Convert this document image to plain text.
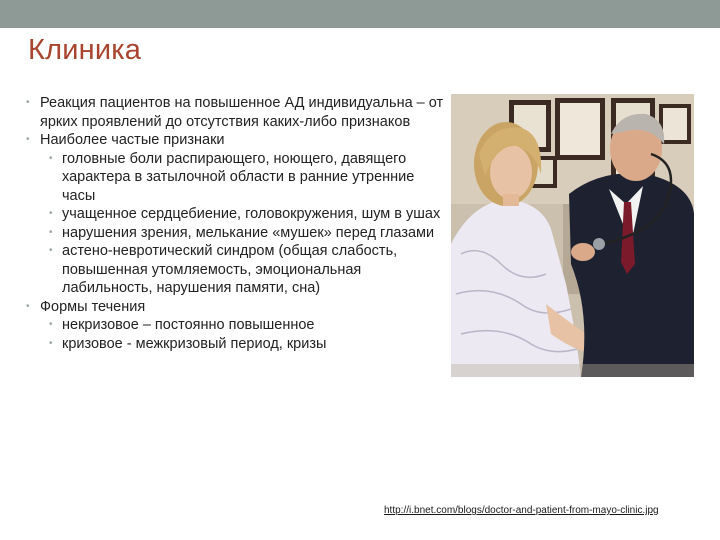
Клиника
• Реакция пациентов на повышенное АД индивидуальна – от ярких проявлений до отсутствия каких-либо признаков
• Наиболее частые признаки
• головные боли распирающего, ноющего, давящего характера в затылочной области в ранние утренние часы
• учащенное сердцебиение, головокружения, шум в ушах
• нарушения зрения, мелькание «мушек» перед глазами
• астено-невротический синдром (общая слабость, повышенная утомляемость, эмоциональная лабильность, нарушения памяти, сна)
• Формы течения
• некризовое – постоянно повышенное
• кризовое - межкризовый период, кризы
http://i.bnet.com/blogs/doctor-and-patient-from-mayo-clinic.jpg
